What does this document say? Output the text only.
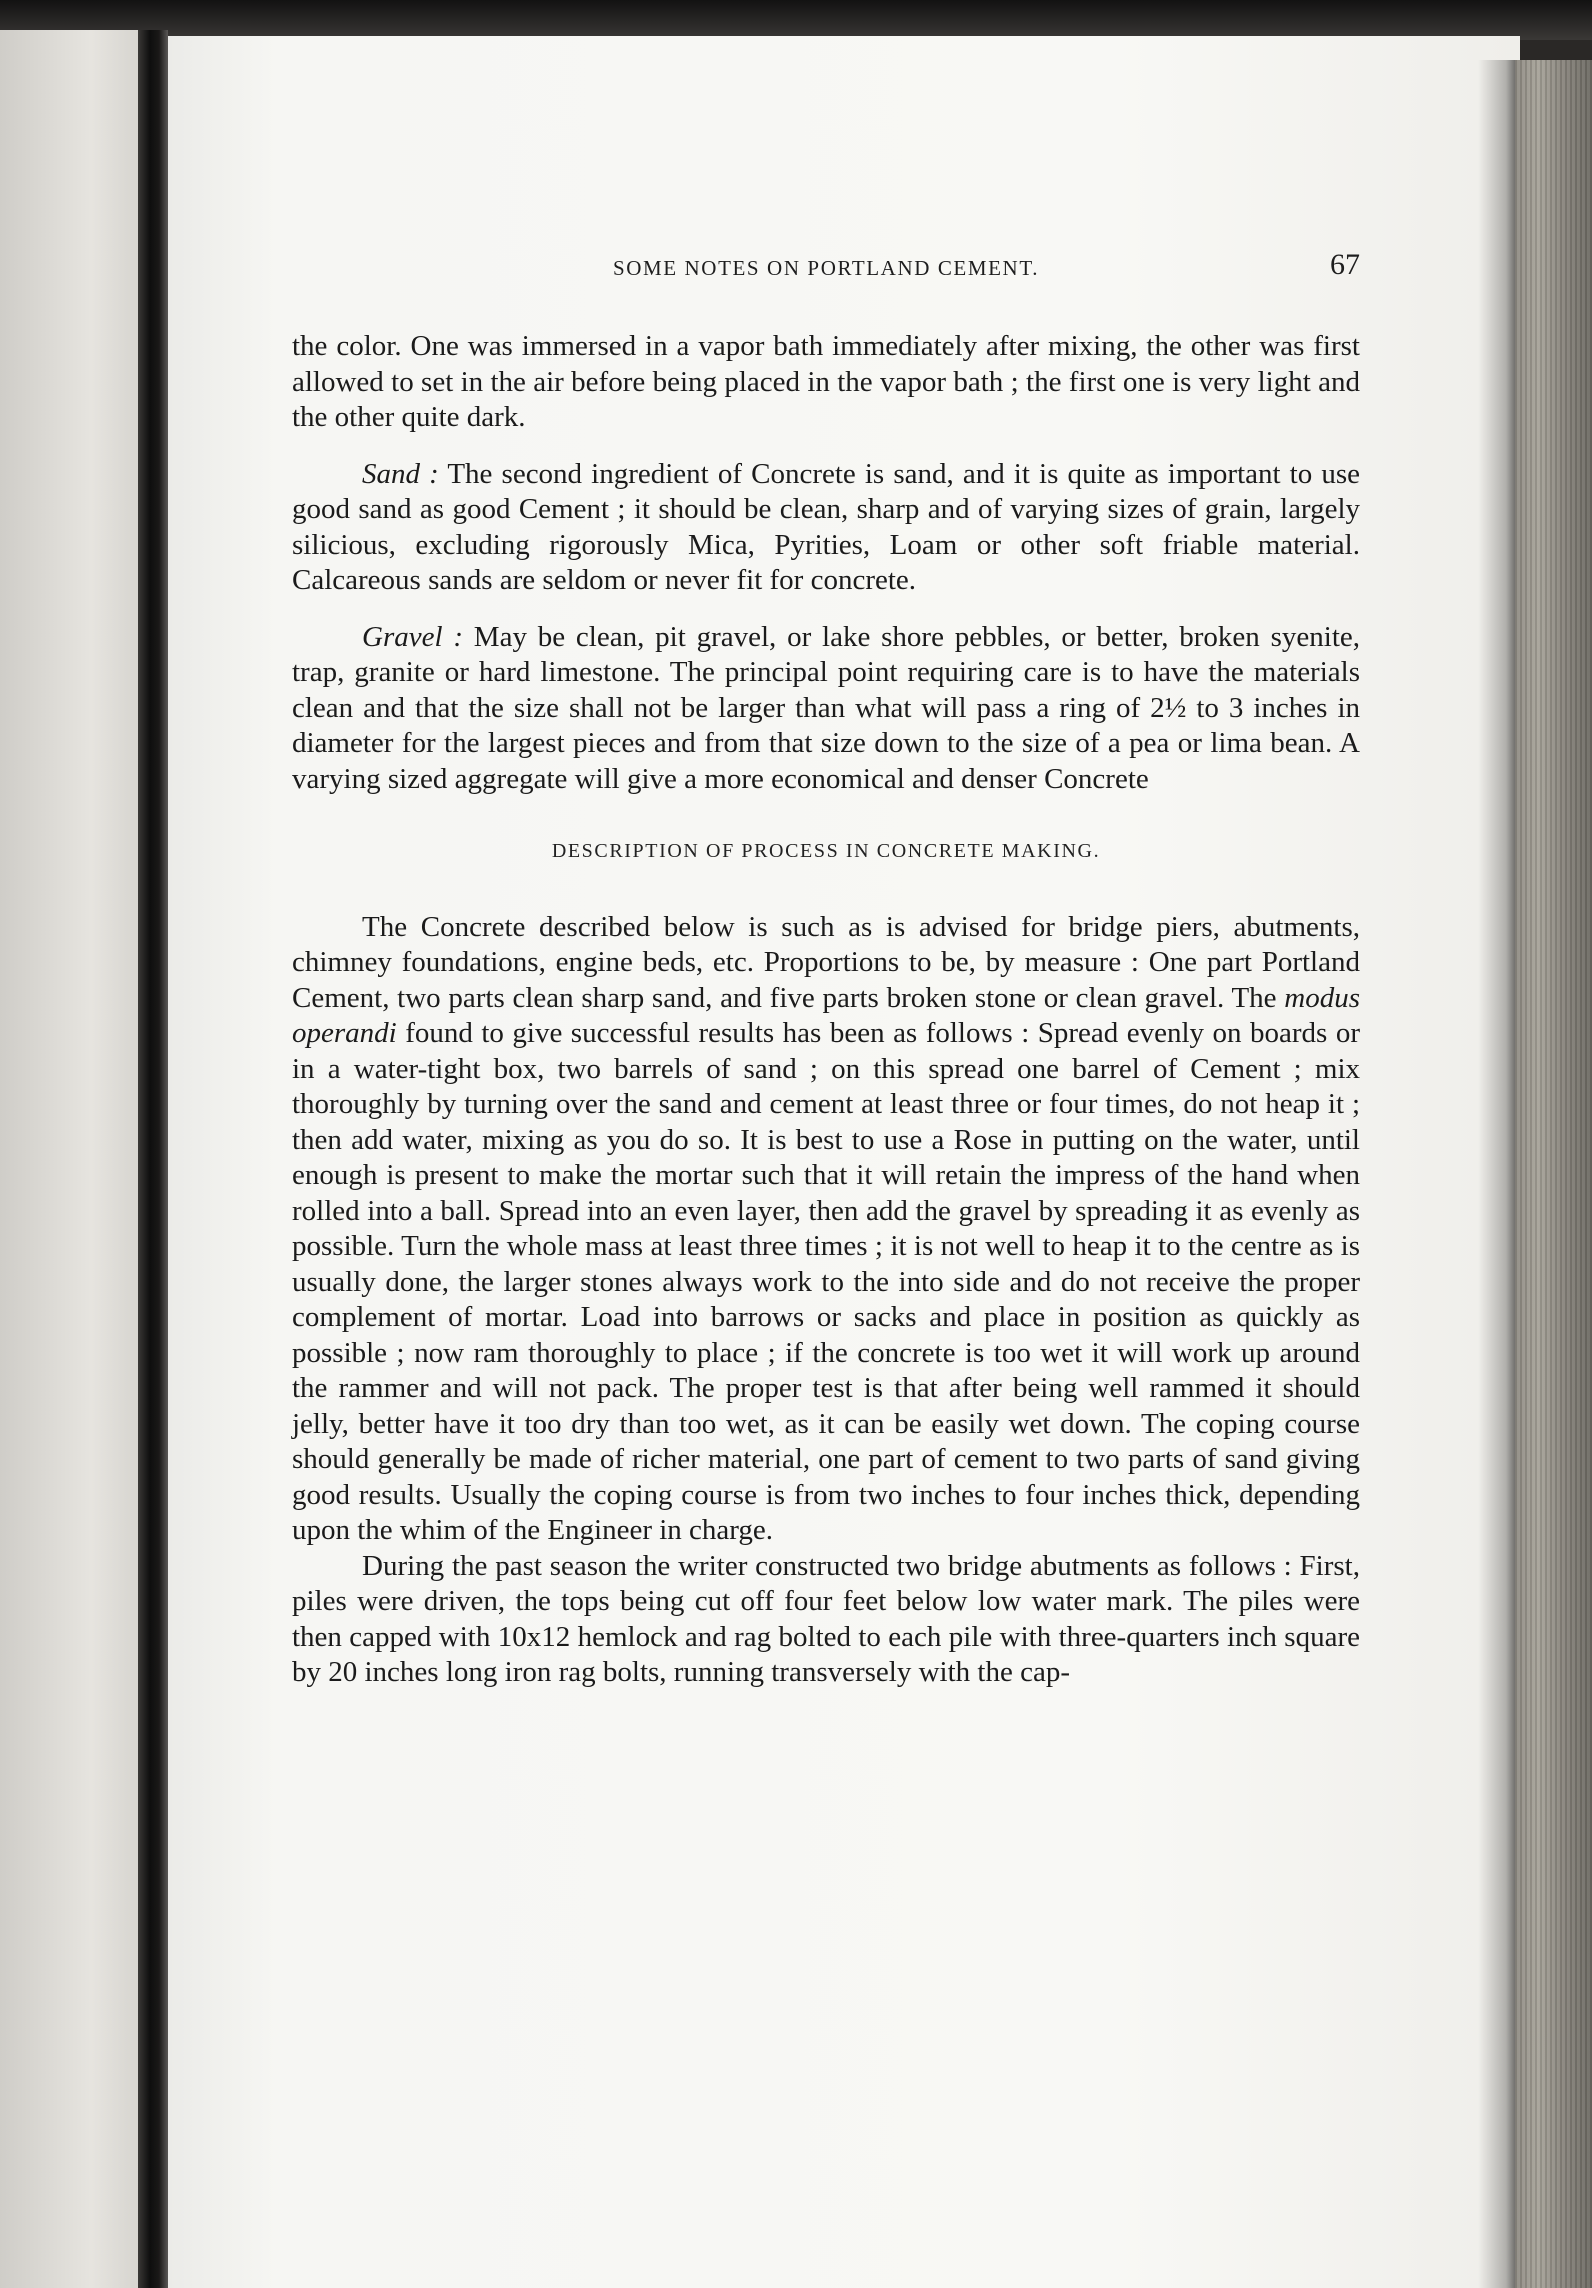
SOME NOTES ON PORTLAND CEMENT.	67

the color. One was immersed in a vapor bath immediately after mixing, the other was first allowed to set in the air before being placed in the vapor bath ; the first one is very light and the other quite dark.

Sand : The second ingredient of Concrete is sand, and it is quite as important to use good sand as good Cement ; it should be clean, sharp and of varying sizes of grain, largely silicious, excluding rigorously Mica, Pyrities, Loam or other soft friable material. Calcareous sands are seldom or never fit for concrete.

Gravel : May be clean, pit gravel, or lake shore pebbles, or better, broken syenite, trap, granite or hard limestone. The principal point requiring care is to have the materials clean and that the size shall not be larger than what will pass a ring of 2½ to 3 inches in diameter for the largest pieces and from that size down to the size of a pea or lima bean. A varying sized aggregate will give a more economical and denser Concrete

DESCRIPTION OF PROCESS IN CONCRETE MAKING.

The Concrete described below is such as is advised for bridge piers, abutments, chimney foundations, engine beds, etc. Proportions to be, by measure : One part Portland Cement, two parts clean sharp sand, and five parts broken stone or clean gravel. The modus operandi found to give successful results has been as follows : Spread evenly on boards or in a water-tight box, two barrels of sand ; on this spread one barrel of Cement ; mix thoroughly by turning over the sand and cement at least three or four times, do not heap it ; then add water, mixing as you do so. It is best to use a Rose in putting on the water, until enough is present to make the mortar such that it will retain the impress of the hand when rolled into a ball. Spread into an even layer, then add the gravel by spreading it as evenly as possible. Turn the whole mass at least three times ; it is not well to heap it to the centre as is usually done, the larger stones always work to the into side and do not receive the proper complement of mortar. Load into barrows or sacks and place in position as quickly as possible ; now ram thoroughly to place ; if the concrete is too wet it will work up around the rammer and will not pack. The proper test is that after being well rammed it should jelly, better have it too dry than too wet, as it can be easily wet down. The coping course should generally be made of richer material, one part of cement to two parts of sand giving good results. Usually the coping course is from two inches to four inches thick, depending upon the whim of the Engineer in charge.

During the past season the writer constructed two bridge abutments as follows : First, piles were driven, the tops being cut off four feet below low water mark. The piles were then capped with 10x12 hemlock and rag bolted to each pile with three-quarters inch square by 20 inches long iron rag bolts, running transversely with the cap-
